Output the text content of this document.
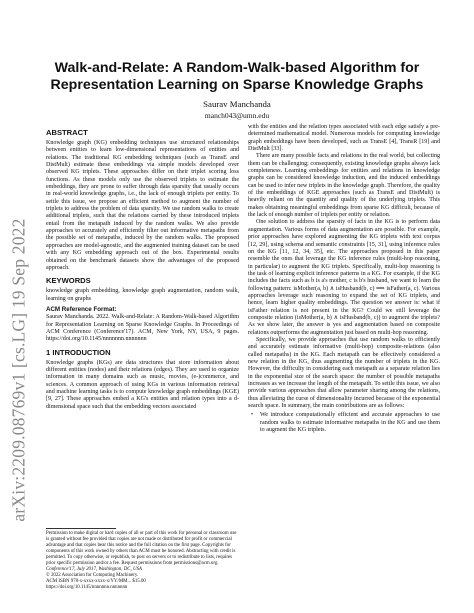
arXiv:2209.08769v1 [cs.LG] 19 Sep 2022
Walk-and-Relate: A Random-Walk-based Algorithm for Representation Learning on Sparse Knowledge Graphs
Saurav Manchanda
manch043@umn.edu
ABSTRACT

Knowledge graph (KG) embedding techniques use structured relationships between entities to learn low-dimensional representations of entities and relations. The traditional KG embedding techniques (such as TransE and DistMult) estimate these embeddings via simple models developed over observed KG triplets. These approaches differ on their triplet scoring loss functions. As these models only use the observed triplets to estimate the embeddings, they are prone to suffer through data sparsity that usually occurs in real-world knowledge graphs, i.e., the lack of enough triplets per entity. To settle this issue, we propose an efficient method to augment the number of triplets to address the problem of data sparsity. We use random walks to create additional triplets, such that the relations carried by these introduced triplets entail from the metapath induced by the random walks. We also provide approaches to accurately and efficiently filter out informative metapaths from the possible set of metapaths, induced by the random walks. The proposed approaches are model-agnostic, and the augmented training dataset can be used with any KG embedding approach out of the box. Experimental results obtained on the benchmark datasets show the advantages of the proposed approach.

KEYWORDS

knowledge graph embedding, knowledge graph augmentation, random walk, learning on graphs

ACM Reference Format:

Saurav Manchanda. 2022. Walk-and-Relate: A Random-Walk-based Algorithm for Representation Learning on Sparse Knowledge Graphs. In Proceedings of ACM Conference (Conference'17). ACM, New York, NY, USA, 9 pages. https://doi.org/10.1145/nnnnnnn.nnnnnnn

1 INTRODUCTION

Knowledge graphs (KGs) are data structures that store information about different entities (nodes) and their relations (edges). They are used to organize information in many domains such as music, movies, (e-)commerce, and sciences. A common approach of using KGs in various information retrieval and machine learning tasks is to compute knowledge graph embeddings (KGE) [9, 27]. These approaches embed a KG's entities and relation types into a d-dimensional space such that the embedding vectors associated

Permission to make digital or hard copies of all or part of this work for personal or classroom use is granted without fee provided that copies are not made or distributed for profit or commercial advantage and that copies bear this notice and the full citation on the first page. Copyrights for components of this work owned by others than ACM must be honored. Abstracting with credit is permitted. To copy otherwise, or republish, to post on servers or to redistribute to lists, requires prior specific permission and/or a fee. Request permissions from permissions@acm.org.
Conference'17, July 2017, Washington, DC, USA
© 2022 Association for Computing Machinery.
ACM ISBN 978-x-xxxx-xxxx-x/YY/MM... $15.00
https://doi.org/10.1145/nnnnnnn.nnnnnnn

with the entities and the relation types associated with each edge satisfy a pre-determined mathematical model. Numerous models for computing knowledge graph embeddings have been developed, such as TransE [4], TransR [19] and DistMult [33].

There are many possible facts and relations in the real world, but collecting them can be challenging; consequently, existing knowledge graphs always lack completeness. Learning embeddings for entities and relations in knowledge graphs can be considered knowledge induction, and the induced embeddings can be used to infer new triplets in the knowledge graph. Therefore, the quality of the embeddings of KGE approaches (such as TransE and DistMult) is heavily reliant on the quantity and quality of the underlying triplets. This makes obtaining meaningful embeddings from sparse KG difficult, because of the lack of enough number of triplets per entity or relation.

One solution to address the sparsity of facts in the KG is to perform data augmentation. Various forms of data augmentation are possible. For example, prior approaches have explored augmenting the KG triplets with text corpus [12, 29], using schema and semantic constraints [15, 31], using inference rules on the KG [11, 12, 34, 35], etc. The approaches proposed in this paper resemble the ones that leverage the KG inference rules (multi-hop reasoning, in particular) to augment the KG triplets. Specifically, multi-hop reasoning is the task of learning explicit inference patterns in a KG. For example, if the KG includes the facts such as b is a's mother, c is b's husband, we want to learn the following pattern: isMother(a, b) ∧ isHusband(b, c) ⟹ isFather(a, c). Various approaches leverage such reasoning to expand the set of KG triplets, and hence, learn higher quality embeddings. The question we answer is: what if isFather relation is not present in the KG? Could we still leverage the composite relation (isMother(a, b) ∧ isHusband(b, c)) to augment the triplets? As we show later, the answer is yes and augmentation based on composite relations outperforms the augmentation just based on multi-hop reasoning.

Specifically, we provide approaches that use random walks to efficiently and accurately estimate informative (multi-hop) composite-relations (also called metapaths) in the KG. Each metapath can be effectively considered a new relation in the KG, thus augmenting the number of triplets in the KG. However, the difficulty in considering each metapath as a separate relation lies in the exponential size of the search space: the number of possible metapaths increases as we increase the length of the metapath. To settle this issue, we also provide various approaches that allow parameter sharing among the relations, thus alleviating the curse of dimensionality incurred because of the exponential search space. In summary, the main contributions are as follows:

• We introduce computationally efficient and accurate approaches to use random walks to estimate informative metapaths in the KG and use them to augment the KG triplets.
